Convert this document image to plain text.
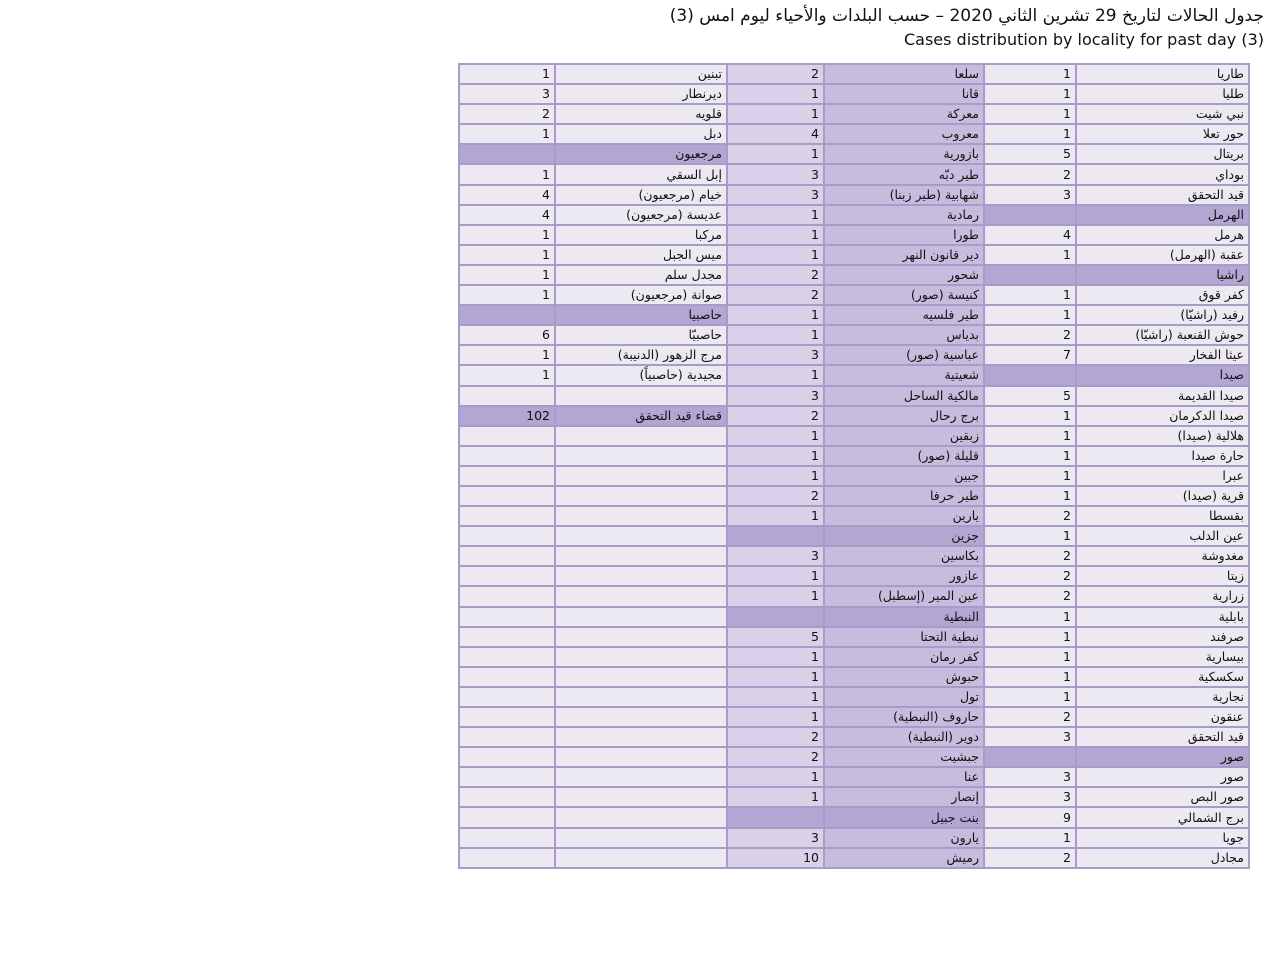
جدول الحالات لتاريخ 29 تشرين الثاني 2020 – حسب البلدات والأحياء ليوم امس (3)
Cases distribution by locality for past day (3)
1	تبنين	2	سلعا	1	طاريا
3	ديرنطار	1	قانا	1	طليا
2	قلويه	1	معركة	1	نبي شيت
1	دبل	4	معروب	1	حور تعلا
	مرجعيون	1	بازورية	5	بريتال
1	إبل السقي	3	طير دبّه	2	بوداي
4	خيام (مرجعيون)	3	شهابية (طير زبنا)	3	قيد التحقق
4	عديسة (مرجعيون)	1	رمادية		الهرمل
1	مركبا	1	طورا	4	هرمل
1	ميس الجبل	1	دير قانون النهر	1	عقبة (الهرمل)
1	مجدل سلم	2	شحور		راشيا
1	صوانة (مرجعيون)	2	كنيسة (صور)	1	كفر قوق
	حاصبيا	1	طير فلسيه	1	رفيد (راشيّا)
6	حاصبيّا	1	بدياس	2	حوش القنعبة (راشيّا)
1	مرج الزهور (الدنيبة)	3	عباسية (صور)	7	عيثا الفخار
1	مجيدية (حاصبياً)	1	شعيتية		صيدا
		3	مالكية الساحل	5	صيدا القديمة
102	قضاء قيد التحقق	2	برج رحال	1	صيدا الدكرمان
		1	زبقين	1	هلالية (صيدا)
		1	قليلة (صور)	1	حارة صيدا
		1	جبين	1	عبرا
		2	طير حرفا	1	قرية (صيدا)
		1	يارين	2	بقسطا
			جزين	1	عين الدلب
		3	بكاسين	2	مغدوشة
		1	عازور	2	زيتا
		1	عين المير (إسطبل)	2	زرارية
			النبطية	1	بابلية
		5	نبطية التحتا	1	صرفند
		1	كفر رمان	1	بيسارية
		1	حبوش	1	سكسكية
		1	تول	1	نجارية
		1	حاروف (النبطية)	2	عنقون
		2	دوير (النبطية)	3	قيد التحقق
		2	جبشيت		صور
		1	عنا	3	صور
		1	إنصار	3	صور البص
			بنت جبيل	9	برج الشمالي
		3	يارون	1	جويا
		10	رميش	2	مجادل
